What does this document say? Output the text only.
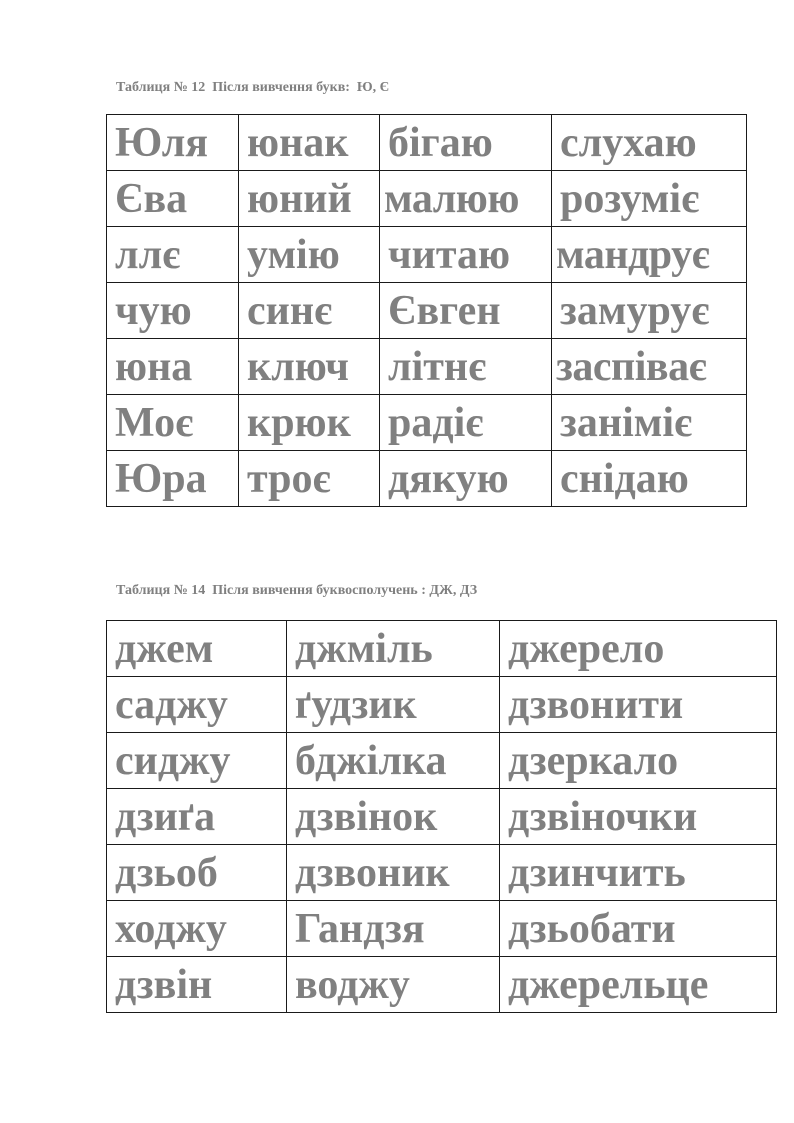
Таблиця № 12  Після вивчення букв:  Ю, Є
Юля	юнак	бігаю	слухаю
Єва	юний	малюю	розуміє
ллє	умію	читаю	мандрує
чую	синє	Євген	замурує
юна	ключ	літнє	заспіває
Моє	крюк	радіє	заніміє
Юра	троє	дякую	снідаю
Таблиця № 14  Після вивчення буквосполучень : ДЖ, ДЗ
джем	джміль	джерело
саджу	ґудзик	дзвонити
сиджу	бджілка	дзеркало
дзиґа	дзвінок	дзвіночки
дзьоб	дзвоник	дзинчить
ходжу	Гандзя	дзьобати
дзвін	воджу	джерельце
